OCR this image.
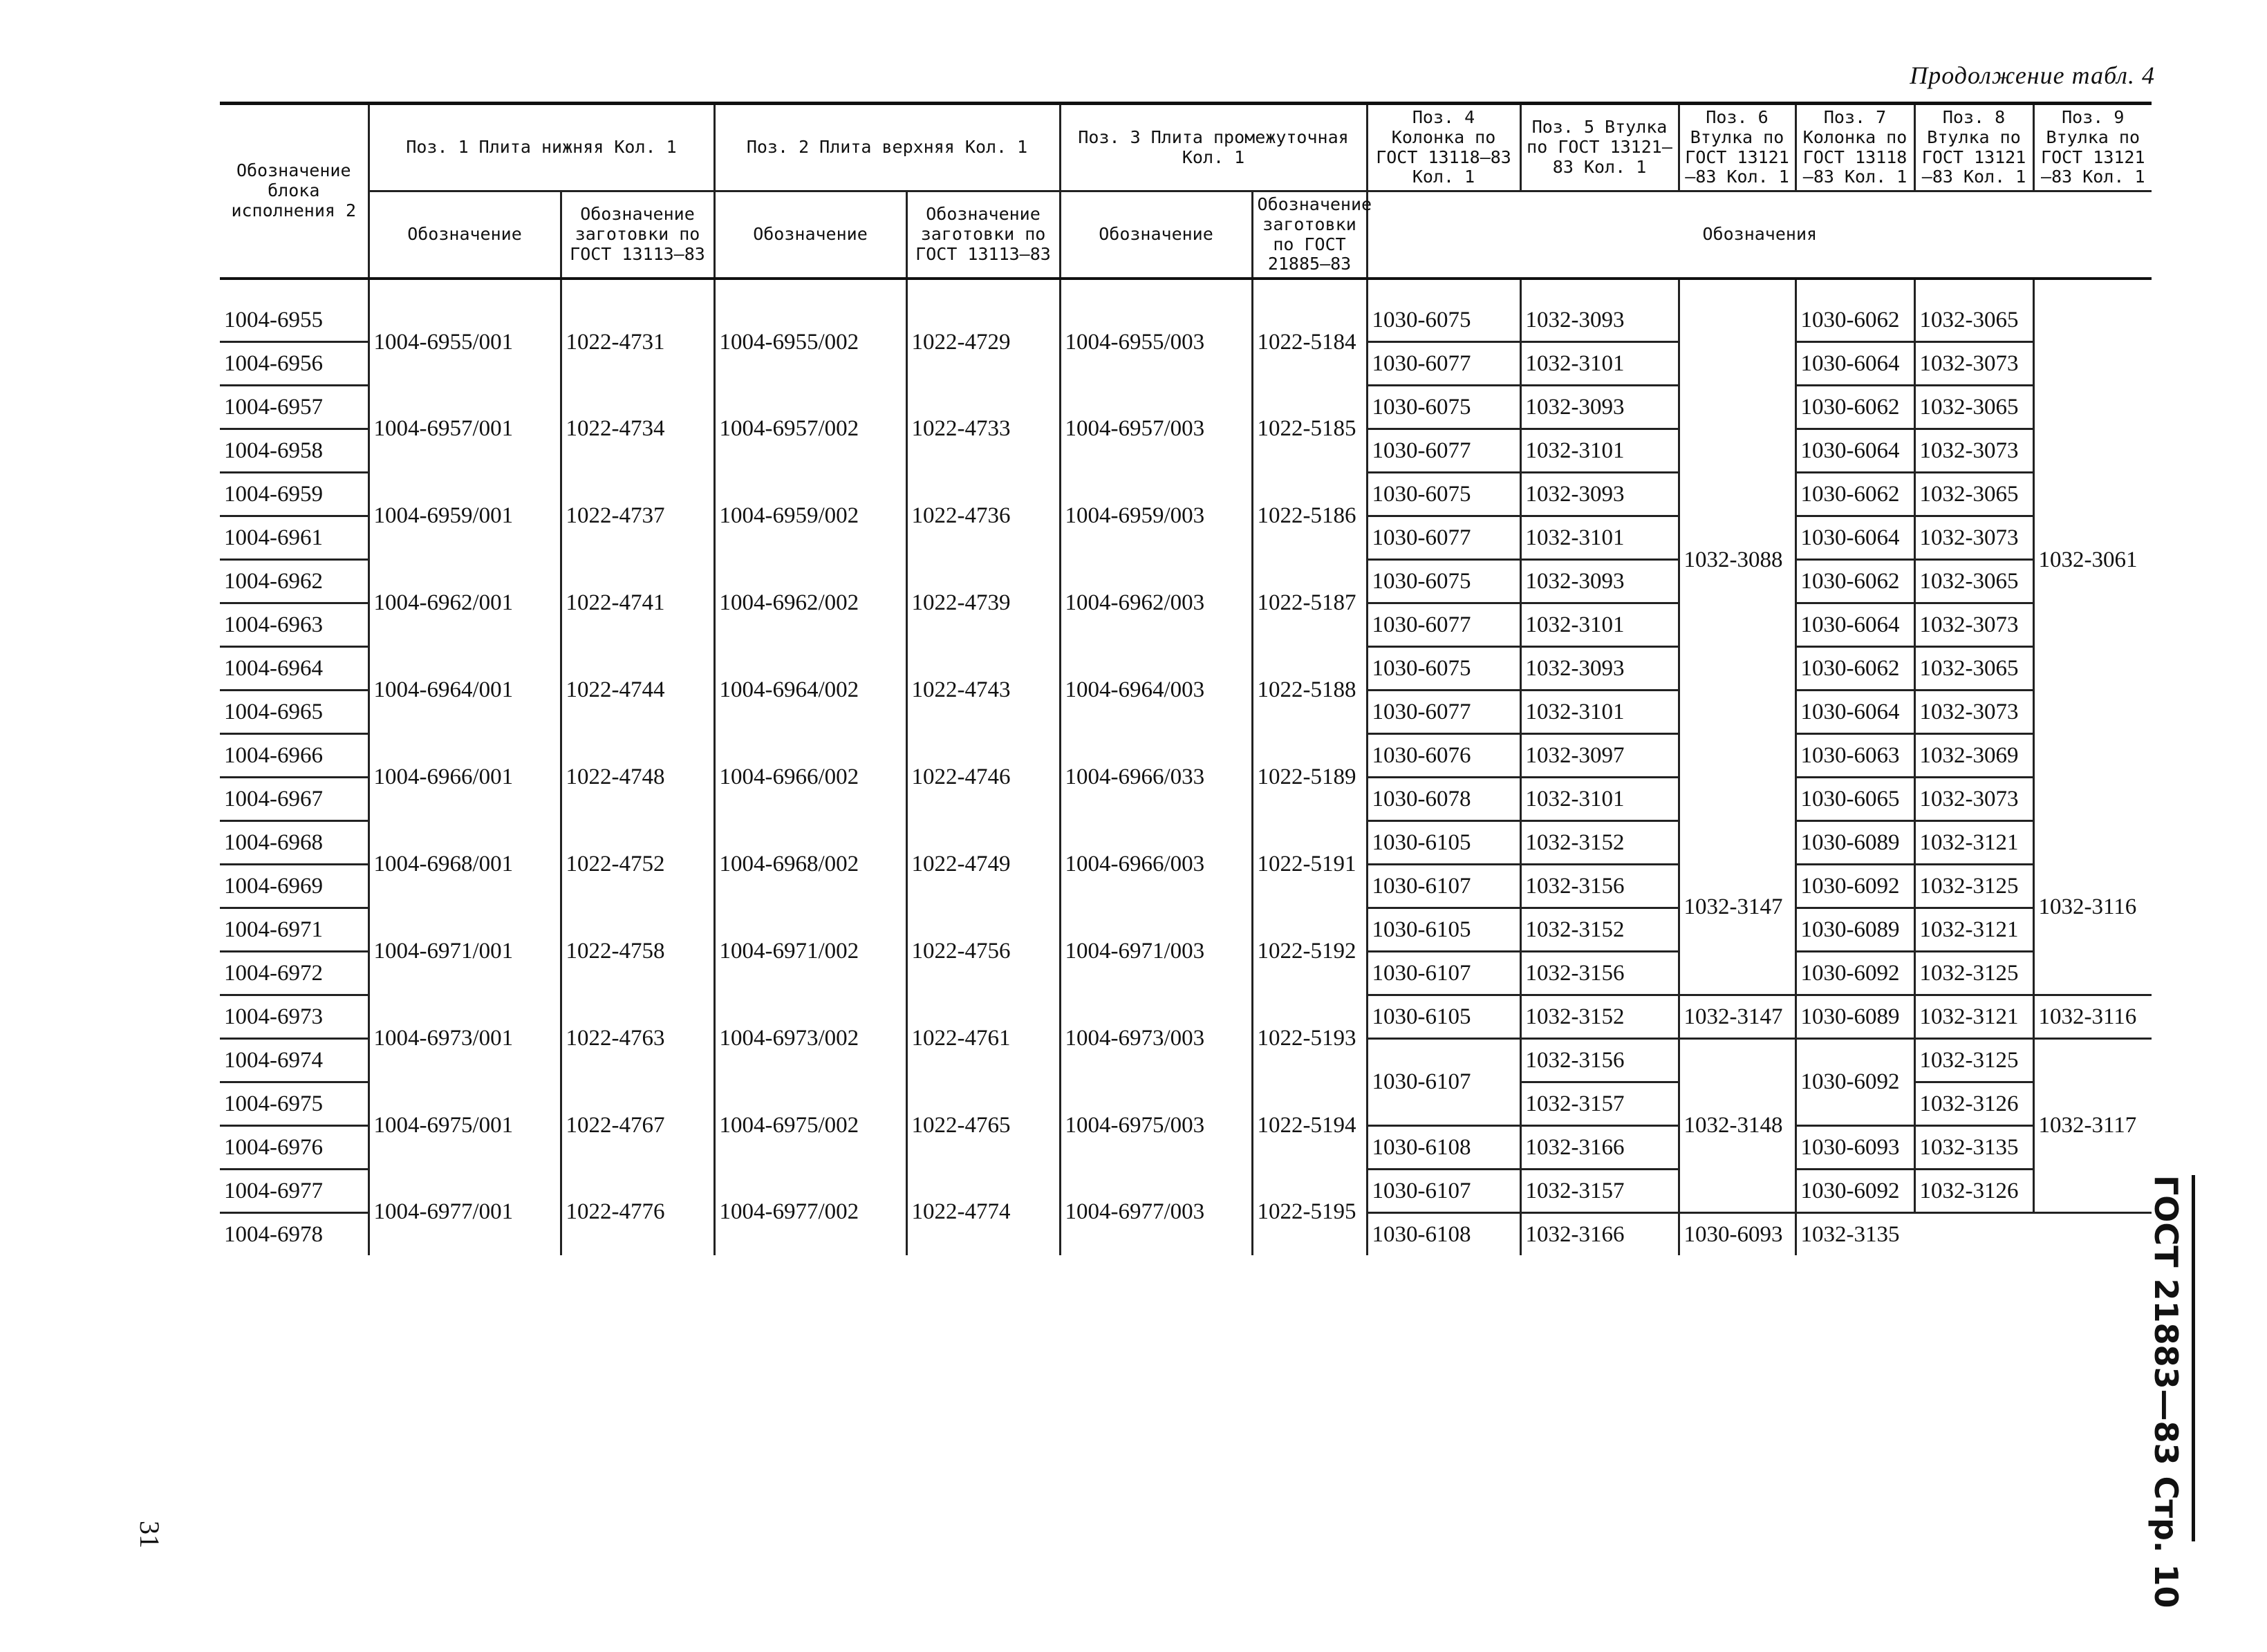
Продолжение табл. 4
Обозначение блока исполнения 2	Поз. 1 Плита нижняя Кол. 1		Поз. 2 Плита верхняя Кол. 1		Поз. 3 Плита промежуточная Кол. 1		Поз. 4 Колонка по ГОСТ 13118—83 Кол. 1	Поз. 5 Втулка по ГОСТ 13121—83 Кол. 1	Поз. 6 Втулка по ГОСТ 13121—83 Кол. 1	Поз. 7 Колонка по ГОСТ 13118—83 Кол. 1	Поз. 8 Втулка по ГОСТ 13121—83 Кол. 1	Поз. 9 Втулка по ГОСТ 13121—83 Кол. 1
	Обозначение	Обозначение заготовки по ГОСТ 13113—83	Обозначение	Обозначение заготовки по ГОСТ 13113—83	Обозначение	Обозначение заготовки по ГОСТ 21885—83	Обозначения					
1004-6955	1004-6955/001	1022-4731	1004-6955/002	1022-4729	1004-6955/003	1022-5184	1030-6075	1032-3093	1032-3088	1030-6062	1032-3065	1032-3061
1004-6956							1030-6077	1032-3101		1030-6064	1032-3073	
1004-6957	1004-6957/001	1022-4734	1004-6957/002	1022-4733	1004-6957/003	1022-5185	1030-6075	1032-3093		1030-6062	1032-3065	
1004-6958							1030-6077	1032-3101		1030-6064	1032-3073	
1004-6959	1004-6959/001	1022-4737	1004-6959/002	1022-4736	1004-6959/003	1022-5186	1030-6075	1032-3093		1030-6062	1032-3065	
1004-6961							1030-6077	1032-3101		1030-6064	1032-3073	
1004-6962	1004-6962/001	1022-4741	1004-6962/002	1022-4739	1004-6962/003	1022-5187	1030-6075	1032-3093		1030-6062	1032-3065	
1004-6963							1030-6077	1032-3101		1030-6064	1032-3073	
1004-6964	1004-6964/001	1022-4744	1004-6964/002	1022-4743	1004-6964/003	1022-5188	1030-6075	1032-3093		1030-6062	1032-3065	
1004-6965							1030-6077	1032-3101		1030-6064	1032-3073	
1004-6966	1004-6966/001	1022-4748	1004-6966/002	1022-4746	1004-6966/033	1022-5189	1030-6076	1032-3097		1030-6063	1032-3069	
1004-6967							1030-6078	1032-3101		1030-6065	1032-3073	
1004-6968	1004-6968/001	1022-4752	1004-6968/002	1022-4749	1004-6966/003	1022-5191	1030-6105	1032-3152	1032-3147	1030-6089	1032-3121	1032-3116
1004-6969							1030-6107	1032-3156		1030-6092	1032-3125	
1004-6971	1004-6971/001	1022-4758	1004-6971/002	1022-4756	1004-6971/003	1022-5192	1030-6105	1032-3152		1030-6089	1032-3121	
1004-6972							1030-6107	1032-3156		1030-6092	1032-3125	
1004-6973	1004-6973/001	1022-4763	1004-6973/002	1022-4761	1004-6973/003	1022-5193	1030-6105	1032-3152	1032-3147	1030-6089	1032-3121	1032-3116
1004-6974							1030-6107	1032-3156	1032-3148	1030-6092	1032-3125	1032-3117
1004-6975	1004-6975/001	1022-4767	1004-6975/002	1022-4765	1004-6975/003	1022-5194		1032-3157			1032-3126	
1004-6976							1030-6108	1032-3166		1030-6093	1032-3135	
1004-6977	1004-6977/001	1022-4776	1004-6977/002	1022-4774	1004-6977/003	1022-5195	1030-6107	1032-3157		1030-6092	1032-3126	
1004-6978							1030-6108	1032-3166	1030-6093	1032-3135			ГОСТ 21883—83 Стр. 10
31
